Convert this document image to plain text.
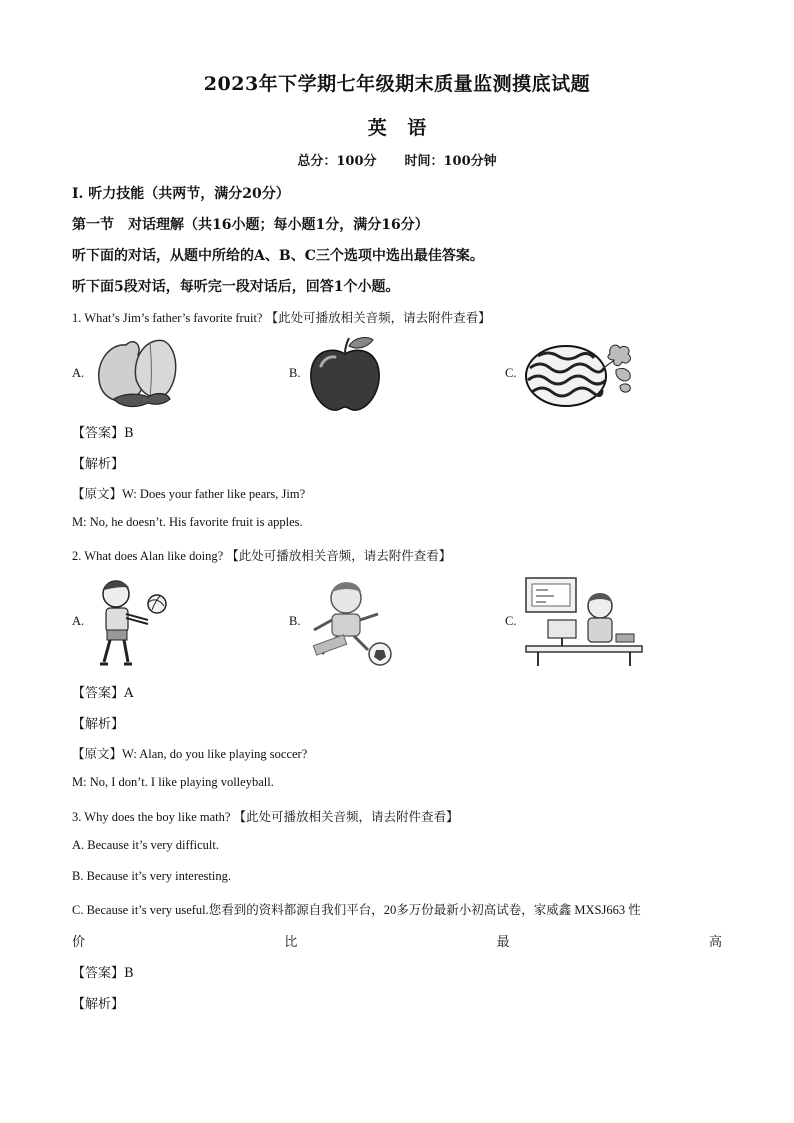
2023年下学期七年级期末质量监测摸底试题
英 语
总分：100分 时间：100分钟
Ⅰ. 听力技能（共两节，满分20分）
第一节　对话理解（共16小题；每小题1分，满分16分）
听下面的对话，从题中所给的A、B、C三个选项中选出最佳答案。
听下面5段对话，每听完一段对话后，回答1个小题。
1. What’s Jim’s father’s favorite fruit? 【此处可播放相关音频，请去附件查看】
A.	B.	C.
【答案】B
【解析】
【原文】W: Does your father like pears, Jim?
M: No, he doesn’t. His favorite fruit is apples.
2. What does Alan like doing? 【此处可播放相关音频，请去附件查看】
A.	B.	C.
【答案】A
【解析】
【原文】W: Alan, do you like playing soccer?
M: No, I don’t. I like playing volleyball.
3. Why does the boy like math? 【此处可播放相关音频，请去附件查看】
A. Because it’s very difficult.
B. Because it’s very interesting.
C. Because it’s very useful.您看到的资料都源自我们平台，20多万份最新小初高试卷，家威鑫 MXSJ663 性
价	比	最	高
【答案】B
【解析】
